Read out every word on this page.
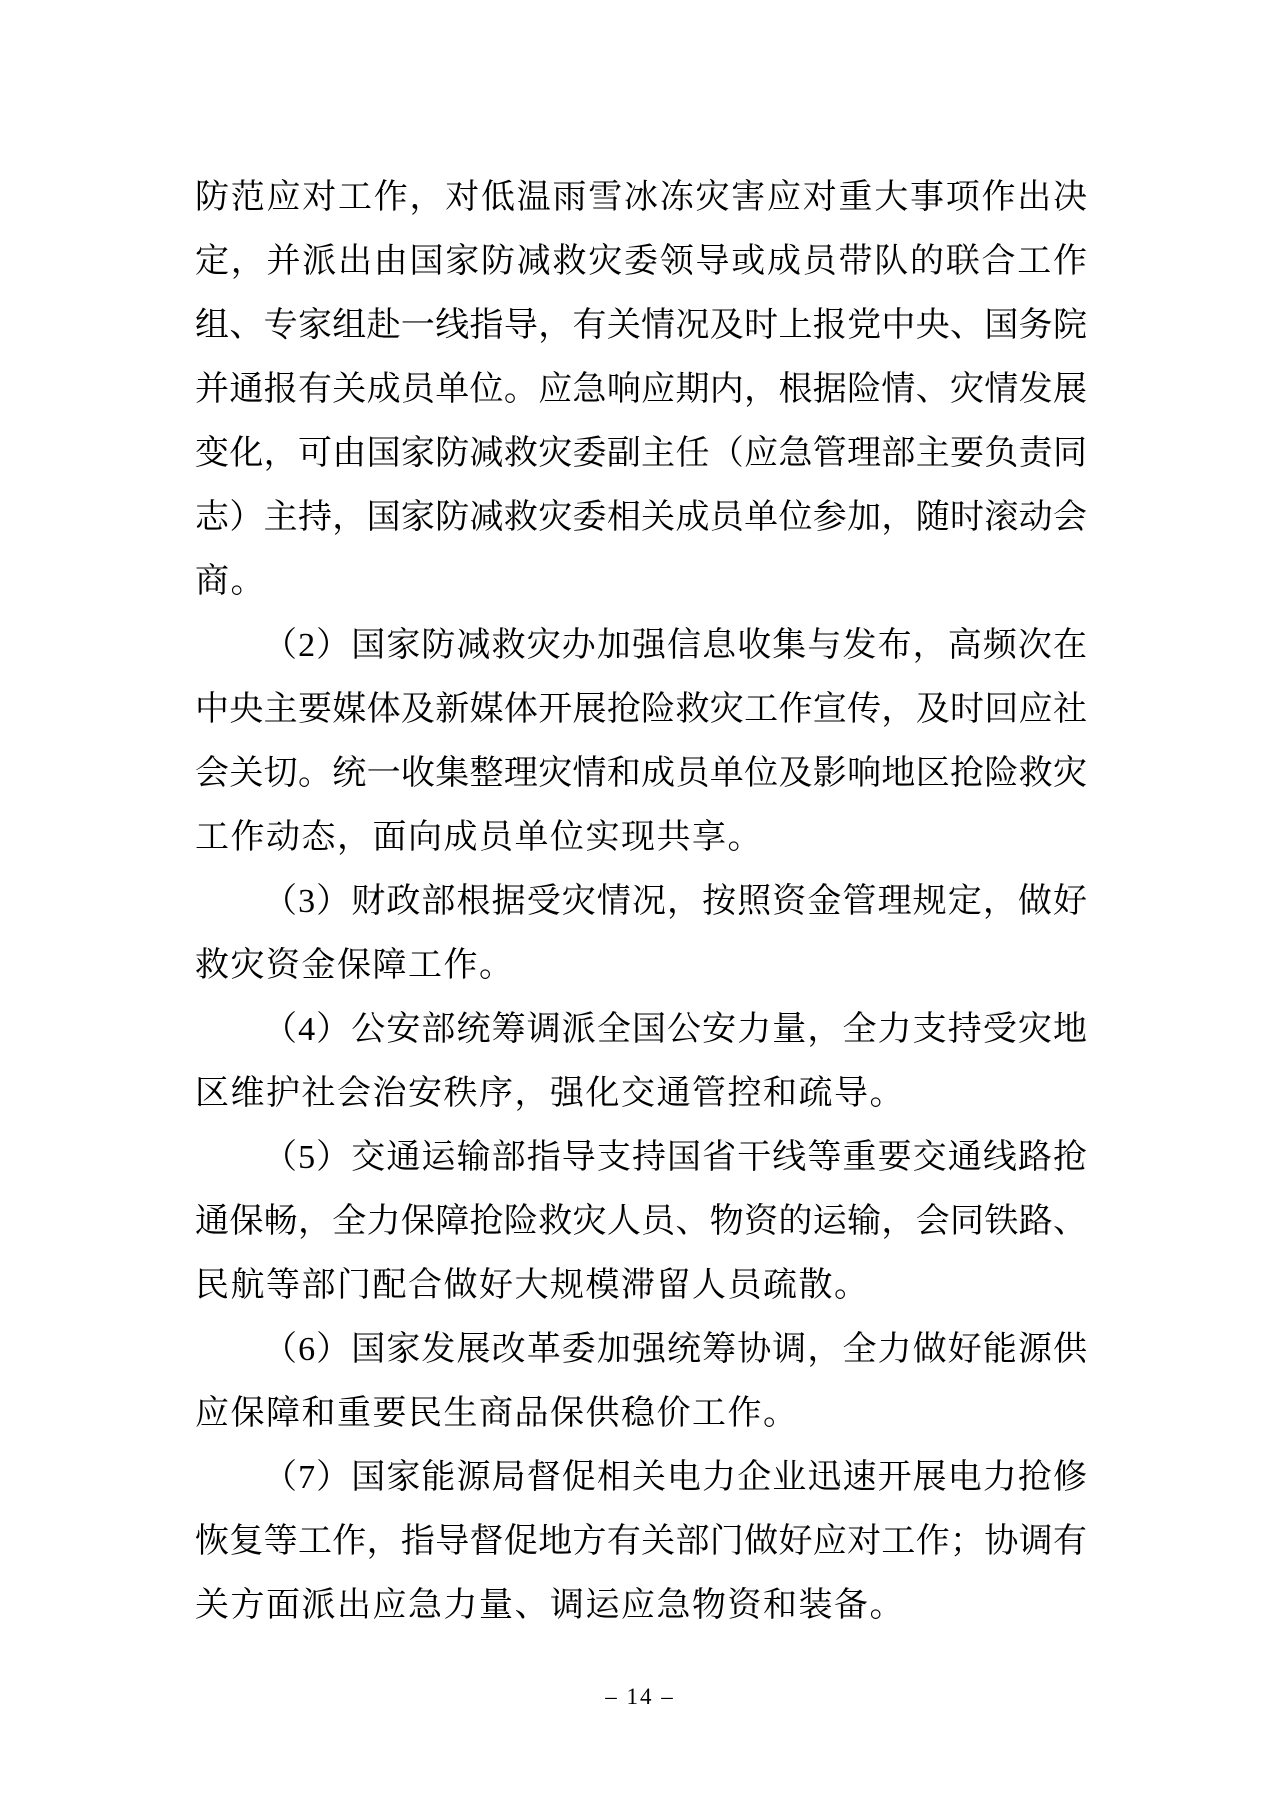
防范应对工作，对低温雨雪冰冻灾害应对重大事项作出决
定，并派出由国家防减救灾委领导或成员带队的联合工作
组、专家组赴一线指导，有关情况及时上报党中央、国务院
并通报有关成员单位。应急响应期内，根据险情、灾情发展
变化，可由国家防减救灾委副主任（应急管理部主要负责同
志）主持，国家防减救灾委相关成员单位参加，随时滚动会
商。
（2）国家防减救灾办加强信息收集与发布，高频次在
中央主要媒体及新媒体开展抢险救灾工作宣传，及时回应社
会关切。统一收集整理灾情和成员单位及影响地区抢险救灾
工作动态，面向成员单位实现共享。
（3）财政部根据受灾情况，按照资金管理规定，做好
救灾资金保障工作。
（4）公安部统筹调派全国公安力量，全力支持受灾地
区维护社会治安秩序，强化交通管控和疏导。
（5）交通运输部指导支持国省干线等重要交通线路抢
通保畅，全力保障抢险救灾人员、物资的运输，会同铁路、
民航等部门配合做好大规模滞留人员疏散。
（6）国家发展改革委加强统筹协调，全力做好能源供
应保障和重要民生商品保供稳价工作。
（7）国家能源局督促相关电力企业迅速开展电力抢修
恢复等工作，指导督促地方有关部门做好应对工作；协调有
关方面派出应急力量、调运应急物资和装备。
– 14 –
